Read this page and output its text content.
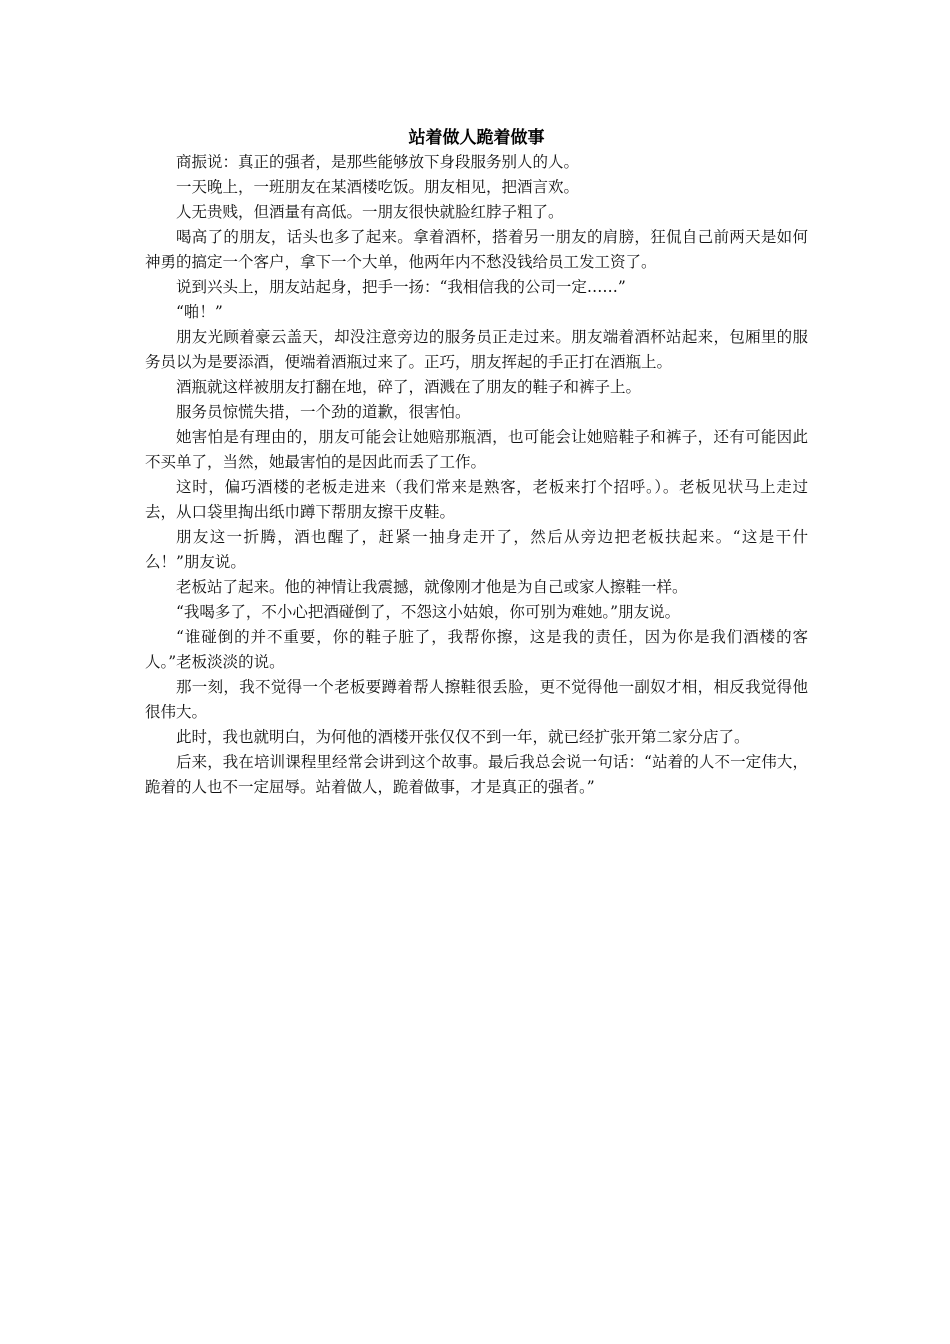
站着做人跪着做事

商振说：真正的强者，是那些能够放下身段服务别人的人。

一天晚上，一班朋友在某酒楼吃饭。朋友相见，把酒言欢。

人无贵贱，但酒量有高低。一朋友很快就脸红脖子粗了。

喝高了的朋友，话头也多了起来。拿着酒杯，搭着另一朋友的肩膀，狂侃自己前两天是如何神勇的搞定一个客户，拿下一个大单，他两年内不愁没钱给员工发工资了。

说到兴头上，朋友站起身，把手一扬：“我相信我的公司一定……”

“啪！”

朋友光顾着豪云盖天，却没注意旁边的服务员正走过来。朋友端着酒杯站起来，包厢里的服务员以为是要添酒，便端着酒瓶过来了。正巧，朋友挥起的手正打在酒瓶上。

酒瓶就这样被朋友打翻在地，碎了，酒溅在了朋友的鞋子和裤子上。

服务员惊慌失措，一个劲的道歉，很害怕。

她害怕是有理由的，朋友可能会让她赔那瓶酒，也可能会让她赔鞋子和裤子，还有可能因此不买单了，当然，她最害怕的是因此而丢了工作。

这时，偏巧酒楼的老板走进来（我们常来是熟客，老板来打个招呼。）。老板见状马上走过去，从口袋里掏出纸巾蹲下帮朋友擦干皮鞋。

朋友这一折腾，酒也醒了，赶紧一抽身走开了，然后从旁边把老板扶起来。“这是干什么！”朋友说。

老板站了起来。他的神情让我震撼，就像刚才他是为自己或家人擦鞋一样。

“我喝多了，不小心把酒碰倒了，不怨这小姑娘，你可别为难她。”朋友说。

“谁碰倒的并不重要，你的鞋子脏了，我帮你擦，这是我的责任，因为你是我们酒楼的客人。”老板淡淡的说。

那一刻，我不觉得一个老板要蹲着帮人擦鞋很丢脸，更不觉得他一副奴才相，相反我觉得他很伟大。

此时，我也就明白，为何他的酒楼开张仅仅不到一年，就已经扩张开第二家分店了。

后来，我在培训课程里经常会讲到这个故事。最后我总会说一句话：“站着的人不一定伟大，跪着的人也不一定屈辱。站着做人，跪着做事，才是真正的强者。”
